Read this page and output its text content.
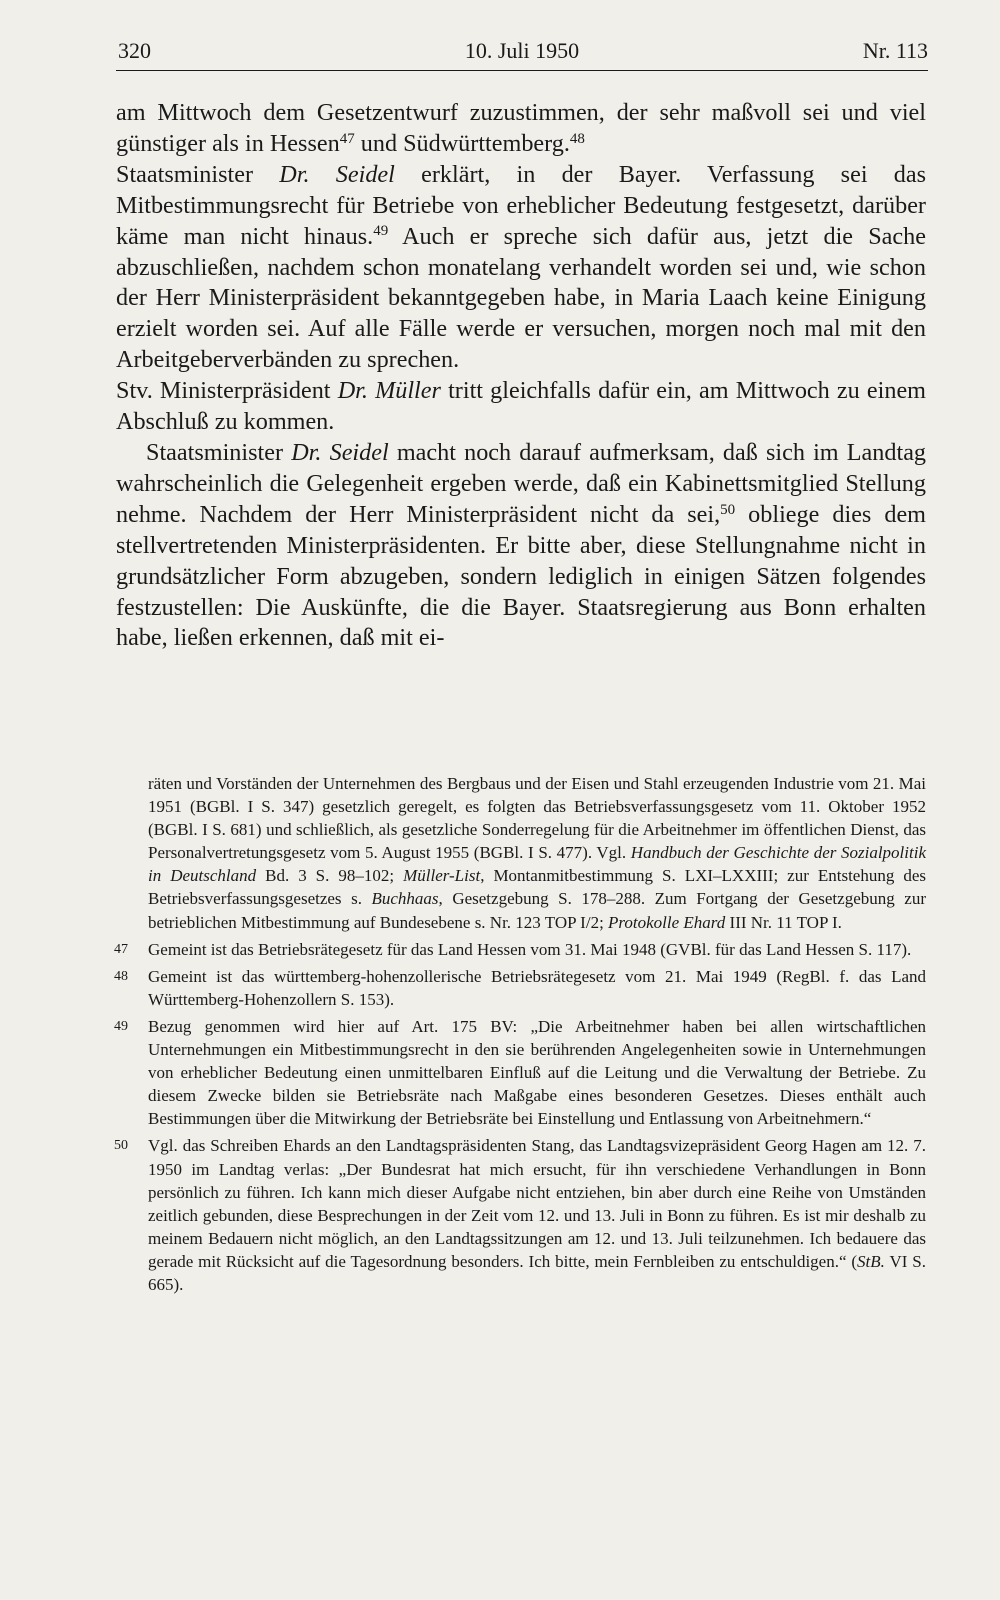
320	10. Juli 1950	Nr. 113

am Mittwoch dem Gesetzentwurf zuzustimmen, der sehr maßvoll sei und viel günstiger als in Hessen$^{47}$ und Südwürttemberg.$^{48}$

Staatsminister Dr. Seidel erklärt, in der Bayer. Verfassung sei das Mitbestimmungsrecht für Betriebe von erheblicher Bedeutung festgesetzt, darüber käme man nicht hinaus.$^{49}$ Auch er spreche sich dafür aus, jetzt die Sache abzuschließen, nachdem schon monatelang verhandelt worden sei und, wie schon der Herr Ministerpräsident bekanntgegeben habe, in Maria Laach keine Einigung erzielt worden sei. Auf alle Fälle werde er versuchen, morgen noch mal mit den Arbeitgeberverbänden zu sprechen.

Stv. Ministerpräsident Dr. Müller tritt gleichfalls dafür ein, am Mittwoch zu einem Abschluß zu kommen.

Staatsminister Dr. Seidel macht noch darauf aufmerksam, daß sich im Landtag wahrscheinlich die Gelegenheit ergeben werde, daß ein Kabinettsmitglied Stellung nehme. Nachdem der Herr Ministerpräsident nicht da sei,$^{50}$ obliege dies dem stellvertretenden Ministerpräsidenten. Er bitte aber, diese Stellungnahme nicht in grundsätzlicher Form abzugeben, sondern lediglich in einigen Sätzen folgendes festzustellen: Die Auskünfte, die die Bayer. Staatsregierung aus Bonn erhalten habe, ließen erkennen, daß mit ei-

räten und Vorständen der Unternehmen des Bergbaus und der Eisen und Stahl erzeugenden Industrie vom 21. Mai 1951 (BGBl. I S. 347) gesetzlich geregelt, es folgten das Betriebsverfassungsgesetz vom 11. Oktober 1952 (BGBl. I S. 681) und schließlich, als gesetzliche Sonderregelung für die Arbeitnehmer im öffentlichen Dienst, das Personalvertretungsgesetz vom 5. August 1955 (BGBl. I S. 477). Vgl. Handbuch der Geschichte der Sozialpolitik in Deutschland Bd. 3 S. 98–102; Müller-List, Montanmitbestimmung S. LXI–LXXIII; zur Entstehung des Betriebsverfassungsgesetzes s. Buchhaas, Gesetzgebung S. 178–288. Zum Fortgang der Gesetzgebung zur betrieblichen Mitbestimmung auf Bundesebene s. Nr. 123 TOP I/2; Protokolle Ehard III Nr. 11 TOP I.
47 Gemeint ist das Betriebsrätegesetz für das Land Hessen vom 31. Mai 1948 (GVBl. für das Land Hessen S. 117).
48 Gemeint ist das württemberg-hohenzollerische Betriebsrätegesetz vom 21. Mai 1949 (RegBl. f. das Land Württemberg-Hohenzollern S. 153).
49 Bezug genommen wird hier auf Art. 175 BV: „Die Arbeitnehmer haben bei allen wirtschaftlichen Unternehmungen ein Mitbestimmungsrecht in den sie berührenden Angelegenheiten sowie in Unternehmungen von erheblicher Bedeutung einen unmittelbaren Einfluß auf die Leitung und die Verwaltung der Betriebe. Zu diesem Zwecke bilden sie Betriebsräte nach Maßgabe eines besonderen Gesetzes. Dieses enthält auch Bestimmungen über die Mitwirkung der Betriebsräte bei Einstellung und Entlassung von Arbeitnehmern.“
50 Vgl. das Schreiben Ehards an den Landtagspräsidenten Stang, das Landtagsvizepräsident Georg Hagen am 12. 7. 1950 im Landtag verlas: „Der Bundesrat hat mich ersucht, für ihn verschiedene Verhandlungen in Bonn persönlich zu führen. Ich kann mich dieser Aufgabe nicht entziehen, bin aber durch eine Reihe von Umständen zeitlich gebunden, diese Besprechungen in der Zeit vom 12. und 13. Juli in Bonn zu führen. Es ist mir deshalb zu meinem Bedauern nicht möglich, an den Landtagssitzungen am 12. und 13. Juli teilzunehmen. Ich bedauere das gerade mit Rücksicht auf die Tagesordnung besonders. Ich bitte, mein Fernbleiben zu entschuldigen.“ (StB. VI S. 665).
